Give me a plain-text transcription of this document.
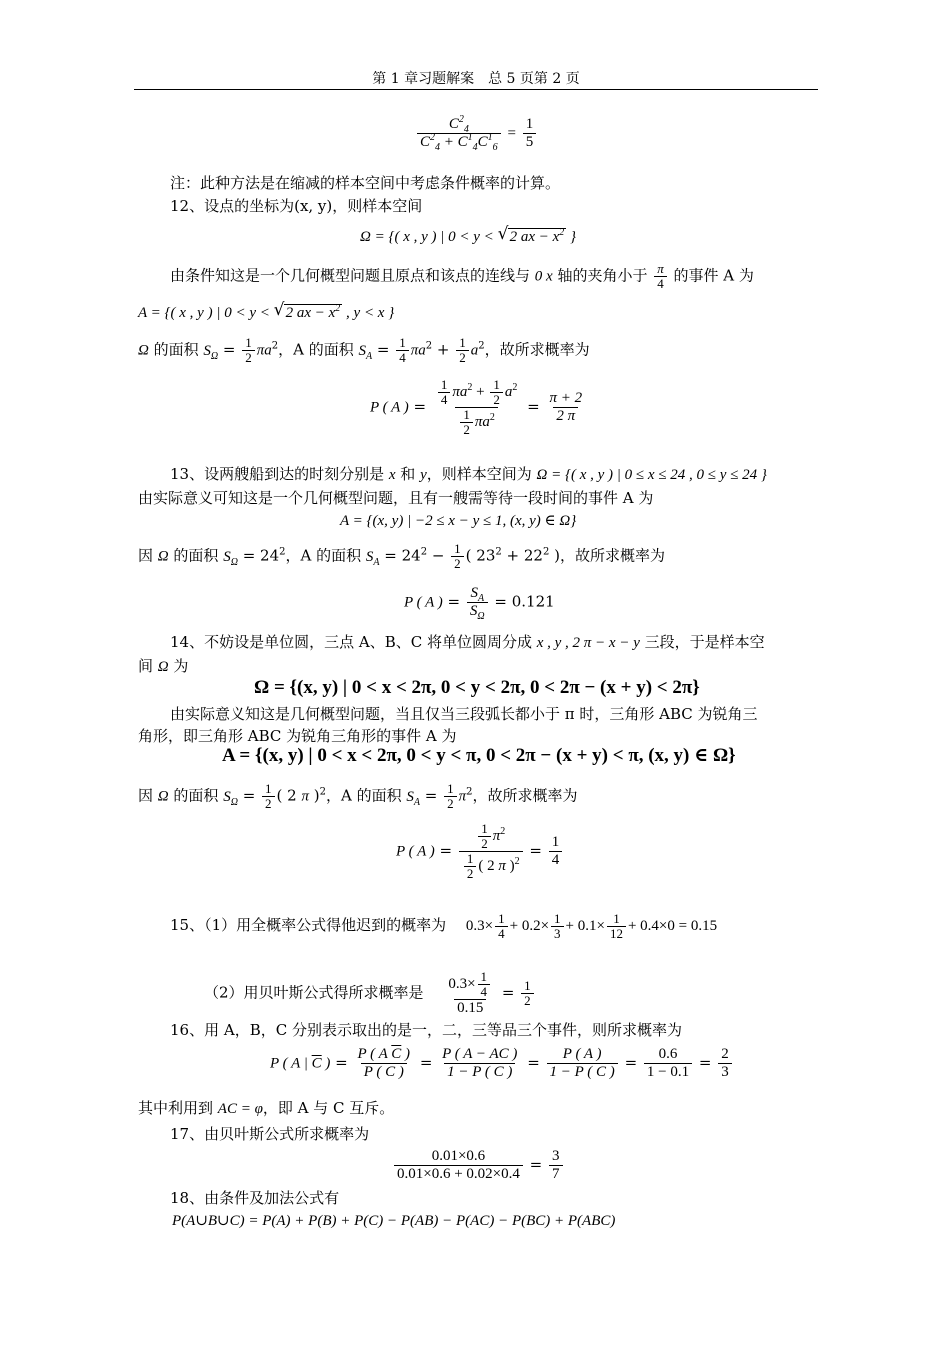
第 1 章习题解案　总 5 页第 2 页
$\frac{C^2_4}{C^2_4 + C^1_4C^1_6} = \frac{1}{5}$
注：此种方法是在缩减的样本空间中考虑条件概率的计算。
12、设点的坐标为(x, y)，则样本空间
Ω = {( x , y ) | 0 < y < √ 2 ax − $x^2$ }
由条件知这是一个几何概型问题且原点和该点的连线与 0 x 轴的夹角小于 $\frac{\pi}{4}$ 的事件 A 为
A = {( x , y ) | 0 < y < √ 2 ax − $x^2$ , y < x }
Ω 的面积 $S_\Omega = \frac{1}{2} \pi a^2$，A 的面积 $S_A = \frac{1}{4} \pi a^2 + \frac{1}{2} a^2$，故所求概率为
P ( A ) = $\frac{\frac{1}{4} \pi a^2 + \frac{1}{2} a^2}{\frac{1}{2} \pi a^2} = \frac{\pi + 2}{2 \pi}$
13、设两艘船到达的时刻分别是 x 和 y，则样本空间为 Ω = {( x , y ) | 0 ≤ x ≤ 24 , 0 ≤ y ≤ 24 }
由实际意义可知这是一个几何概型问题，且有一艘需等待一段时间的事件 A 为
A = {(x, y) | −2 ≤ x − y ≤ 1, (x, y) ∈ Ω}
因 Ω 的面积 $S_\Omega = 24^2$，A 的面积 $S_A = 24^2 - \frac{1}{2}$ ( $23^2 + 22^2$ )，故所求概率为
P ( A ) = $\frac{S_A}{S_\Omega} = 0.121$
14、不妨设是单位圆，三点 A、B、C 将单位圆周分成 x , y , 2 π − x − y 三段，于是样本空
间 Ω 为
Ω = {(x, y) | 0 < x < 2π, 0 < y < 2π, 0 < 2π − (x + y) < 2π}
由实际意义知这是几何概型问题，当且仅当三段弧长都小于 π 时，三角形 ABC 为锐角三
角形，即三角形 ABC 为锐角三角形的事件 A 为
A = {(x, y) | 0 < x < 2π, 0 < y < π, 0 < 2π − (x + y) < π, (x, y) ∈ Ω}
因 Ω 的面积 $S_\Omega = \frac{1}{2}$ ( 2 π )$^2$，A 的面积 $S_A = \frac{1}{2} \pi^2$，故所求概率为
P ( A ) = $\frac{\frac{1}{2} \pi^2}{\frac{1}{2} ( 2 \pi )^2} = \frac{1}{4}$
15、（1）用全概率公式得他迟到的概率为　 $0.3\times \frac{1}{4} + 0.2\times \frac{1}{3} + 0.1\times \frac{1}{12} + 0.4\times 0 = 0.15$
（2）用贝叶斯公式得所求概率是　 $\frac{0.3\times \frac{1}{4}}{0.15} = \frac{1}{2}$
16、用 A，B，C 分别表示取出的是一，二，三等品三个事件，则所求概率为
P ( A | $\overline{C}$ ) = $\frac{P ( A \overline{C} )}{P ( \overline{C} )} = \frac{P ( A - AC )}{1 - P ( C )} = \frac{P ( A )}{1 - P ( C )} = \frac{0.6}{1 - 0.1} = \frac{2}{3}$
其中利用到 AC = φ，即 A 与 C 互斥。
17、由贝叶斯公式所求概率为
$\frac{0.01\times 0.6}{0.01\times 0.6 + 0.02\times 0.4} = \frac{3}{7}$
18、由条件及加法公式有
P(A∪B∪C) = P(A) + P(B) + P(C) − P(AB) − P(AC) − P(BC) + P(ABC)
